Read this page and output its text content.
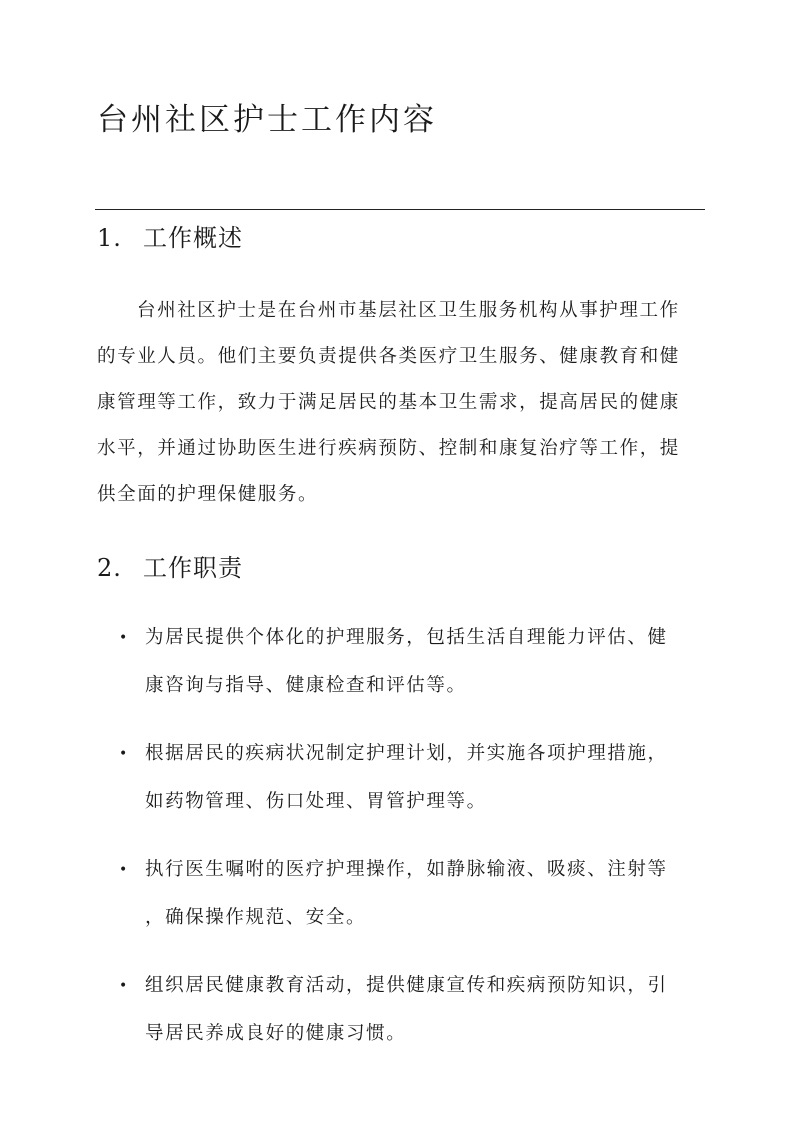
台州社区护士工作内容
1. 工作概述

台州社区护士是在台州市基层社区卫生服务机构从事护理工作
的专业人员。他们主要负责提供各类医疗卫生服务、健康教育和健
康管理等工作，致力于满足居民的基本卫生需求，提高居民的健康
水平，并通过协助医生进行疾病预防、控制和康复治疗等工作，提
供全面的护理保健服务。

2. 工作职责
• 为居民提供个体化的护理服务，包括生活自理能力评估、健
康咨询与指导、健康检查和评估等。
• 根据居民的疾病状况制定护理计划，并实施各项护理措施，
如药物管理、伤口处理、胃管护理等。
• 执行医生嘱咐的医疗护理操作，如静脉输液、吸痰、注射等
，确保操作规范、安全。
• 组织居民健康教育活动，提供健康宣传和疾病预防知识，引
导居民养成良好的健康习惯。
